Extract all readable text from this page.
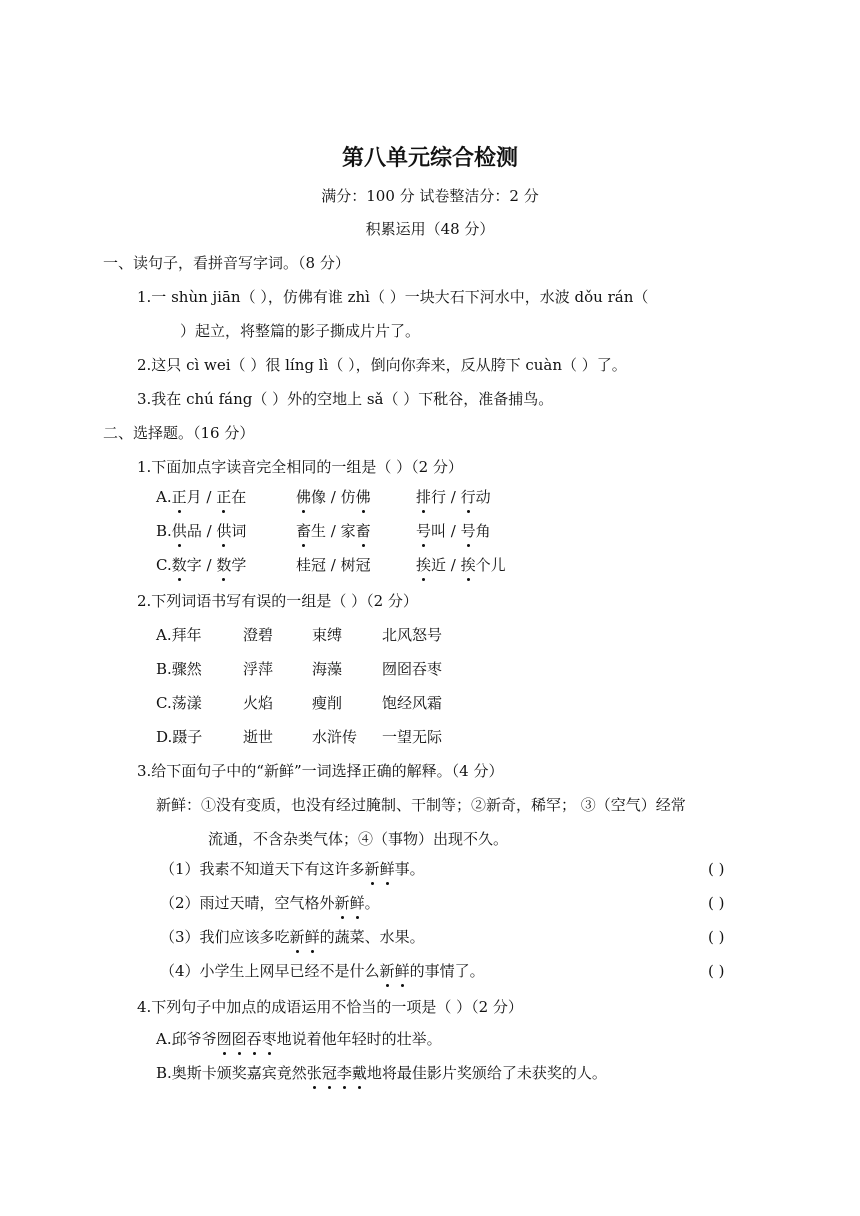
第八单元综合检测
满分：100 分 试卷整洁分：2 分
积累运用（48 分）
一、读句子，看拼音写字词。（8 分）
1.一 shùn jiān（ ），仿佛有谁 zhì（ ）一块大石下河水中，水波 dǒu rán（
）起立，将整篇的影子撕成片片了。
2.这只 cì wei（ ）很 líng lì（ ），倒向你奔来，反从胯下 cuàn（ ）了。
3.我在 chú fáng（ ）外的空地上 sǎ（ ）下秕谷，准备捕鸟。
二、选择题。（16 分）
1.下面加点字读音完全相同的一组是（ ）（2 分）
A.正月 / 正在	佛像 / 仿佛	排行 / 行动
B.供品 / 供词	畜生 / 家畜	号叫 / 号角
C.数字 / 数学	桂冠 / 树冠	挨近 / 挨个儿
2.下列词语书写有误的一组是（ ）（2 分）
A.拜年	澄碧	束缚	北风怒号
B.骤然	浮萍	海藻	囫囵吞枣
C.荡漾	火焰	瘦削	饱经风霜
D.蹑子	逝世	水浒传 一望无际
3.给下面句子中的“新鲜”一词选择正确的解释。（4 分）
新鲜：①没有变质，也没有经过腌制、干制等；②新奇，稀罕； ③（空气）经常
流通，不含杂类气体；④（事物）出现不久。
（1）我素不知道天下有这许多新鲜事。	( )
（2）雨过天晴，空气格外新鲜。	( )
（3）我们应该多吃新鲜的蔬菜、水果。	( )
（4）小学生上网早已经不是什么新鲜的事情了。	( )
4.下列句子中加点的成语运用不恰当的一项是（ ）（2 分）
A.邱爷爷囫囵吞枣地说着他年轻时的壮举。
B.奥斯卡颁奖嘉宾竟然张冠李戴地将最佳影片奖颁给了未获奖的人。
